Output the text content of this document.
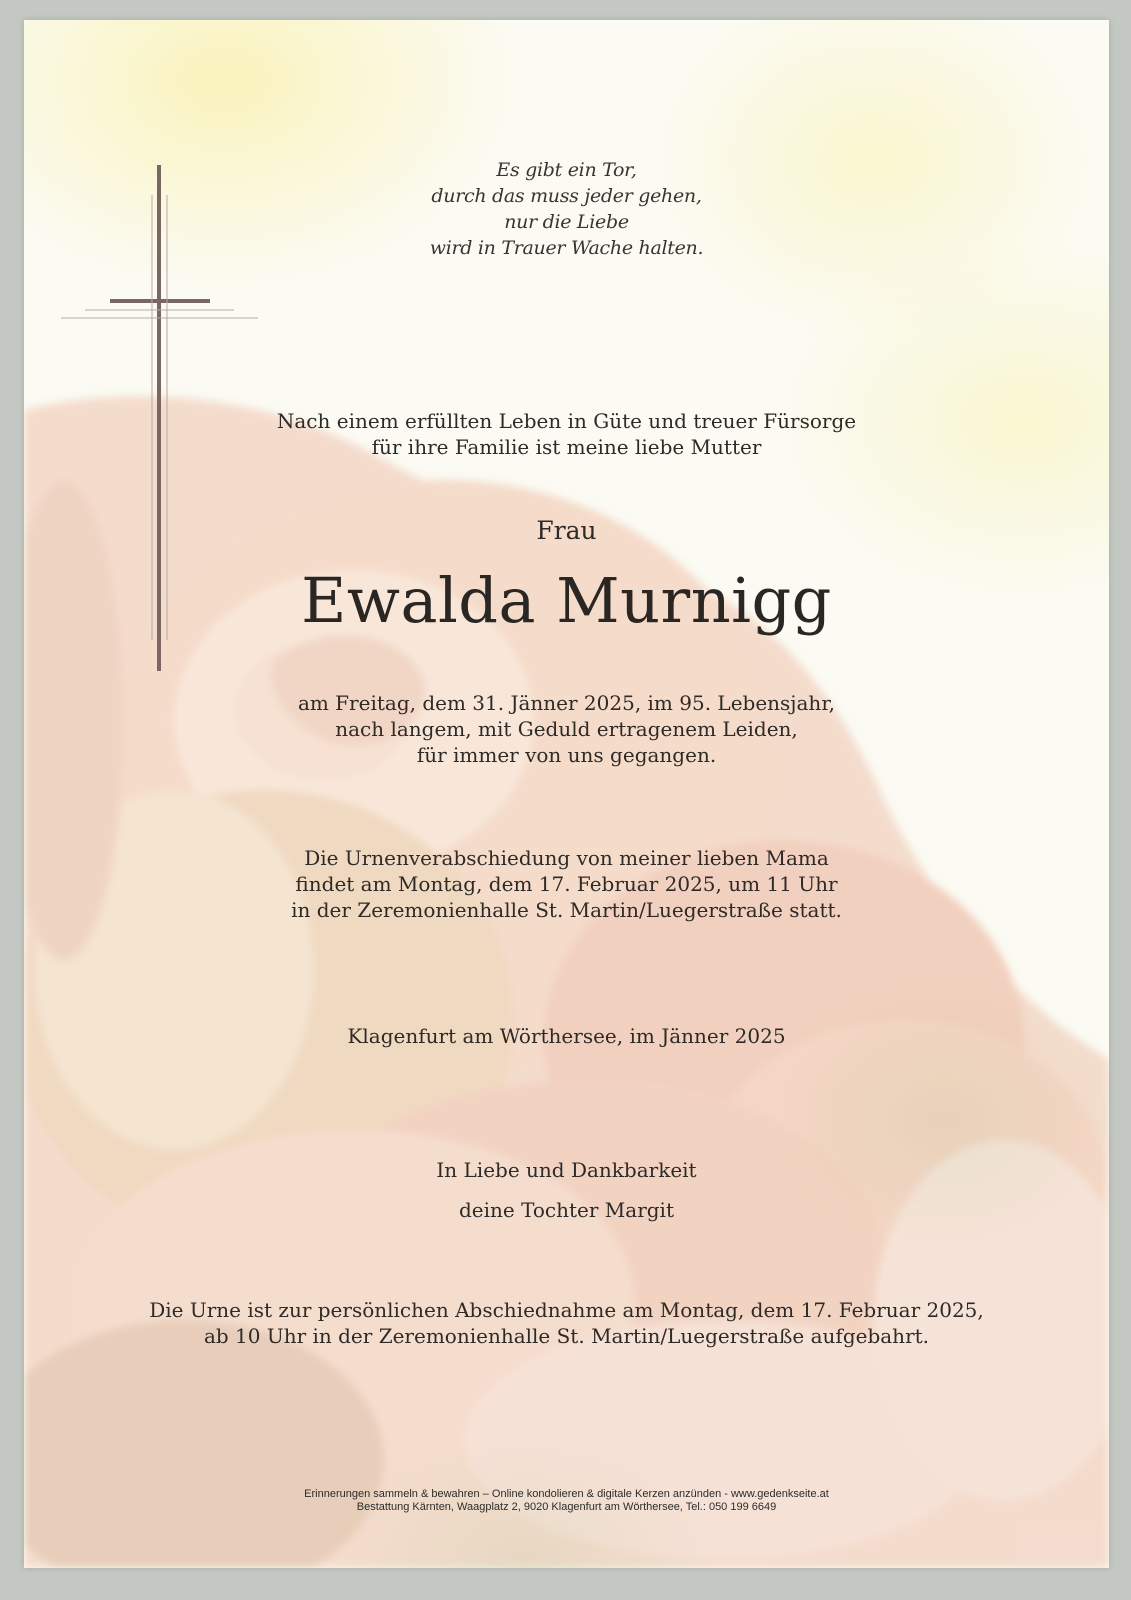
Es gibt ein Tor,
durch das muss jeder gehen,
nur die Liebe
wird in Trauer Wache halten.
Nach einem erfüllten Leben in Güte und treuer Fürsorge
für ihre Familie ist meine liebe Mutter
Frau
Ewalda Murnigg
am Freitag, dem 31. Jänner 2025, im 95. Lebensjahr,
nach langem, mit Geduld ertragenem Leiden,
für immer von uns gegangen.
Die Urnenverabschiedung von meiner lieben Mama
findet am Montag, dem 17. Februar 2025, um 11 Uhr
in der Zeremonienhalle St. Martin/Luegerstraße statt.
Klagenfurt am Wörthersee, im Jänner 2025
In Liebe und Dankbarkeit
deine Tochter Margit
Die Urne ist zur persönlichen Abschiednahme am Montag, dem 17. Februar 2025,
ab 10 Uhr in der Zeremonienhalle St. Martin/Luegerstraße aufgebahrt.
Erinnerungen sammeln & bewahren – Online kondolieren & digitale Kerzen anzünden - www.gedenkseite.at
Bestattung Kärnten, Waagplatz 2, 9020 Klagenfurt am Wörthersee, Tel.: 050 199 6649
